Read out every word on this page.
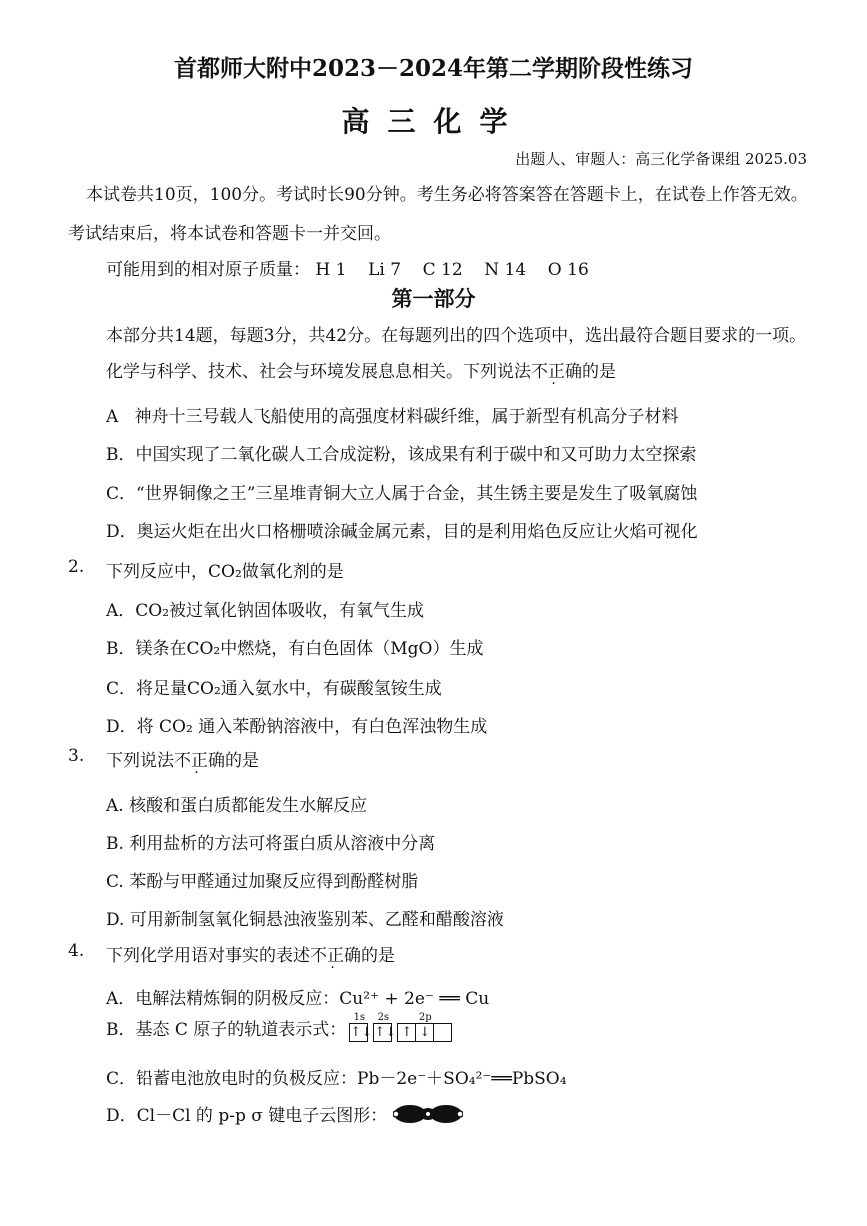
首都师大附中2023－2024年第二学期阶段性练习
高三化学
出题人、审题人：高三化学备课组 2025.03
本试卷共10页，100分。考试时长90分钟。考生务必将答案答在答题卡上，在试卷上作答无效。
考试结束后，将本试卷和答题卡一并交回。
可能用到的相对原子质量： H 1    Li 7    C 12    N 14    O 16
第一部分
本部分共14题，每题3分，共42分。在每题列出的四个选项中，选出最符合题目要求的一项。
化学与科学、技术、社会与环境发展息息相关。下列说法不正确的是
A   神舟十三号载人飞船使用的高强度材料碳纤维，属于新型有机高分子材料
B．中国实现了二氧化碳人工合成淀粉，该成果有利于碳中和又可助力太空探索
C．“世界铜像之王”三星堆青铜大立人属于合金，其生锈主要是发生了吸氧腐蚀
D．奥运火炬在出火口格栅喷涂碱金属元素，目的是利用焰色反应让火焰可视化
2. 下列反应中，CO₂做氧化剂的是
A．CO₂被过氧化钠固体吸收，有氧气生成
B．镁条在CO₂中燃烧，有白色固体（MgO）生成
C．将足量CO₂通入氨水中，有碳酸氢铵生成
D．将 CO₂ 通入苯酚钠溶液中，有白色浑浊物生成
3. 下列说法不正确的是
A. 核酸和蛋白质都能发生水解反应
B. 利用盐析的方法可将蛋白质从溶液中分离
C. 苯酚与甲醛通过加聚反应得到酚醛树脂
D. 可用新制氢氧化铜悬浊液鉴别苯、乙醛和醋酸溶液
4. 下列化学用语对事实的表述不正确的是
A．电解法精炼铜的阴极反应：Cu²⁺ + 2e⁻ ══ Cu
B．基态 C 原子的轨道表示式：
1s
↑↓
2s
↑↓
2p
↑ ↓
C．铅蓄电池放电时的负极反应：Pb－2e⁻＋SO₄²⁻══PbSO₄
D．Cl－Cl 的 p-p σ 键电子云图形：
